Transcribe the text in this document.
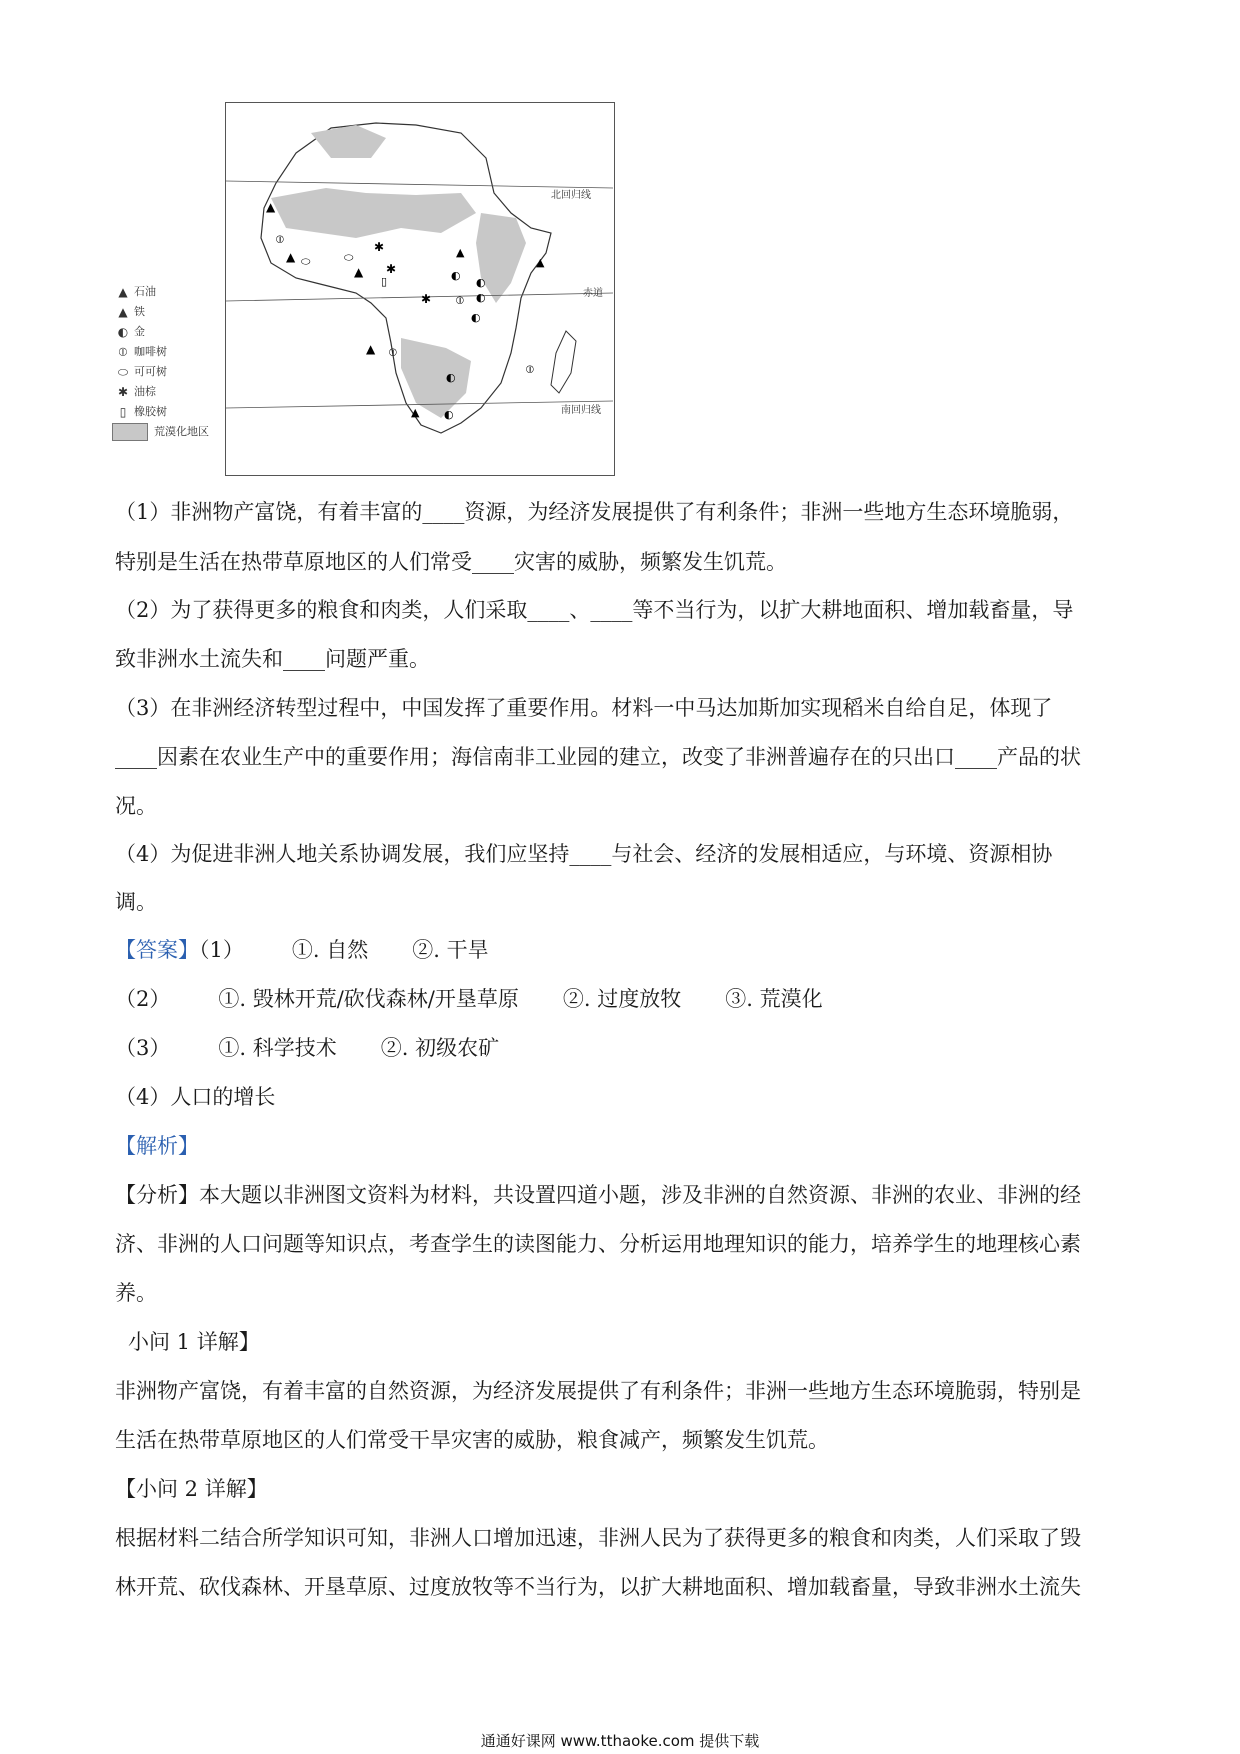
北回归线
赤道
南回归线
▲
▲
▲
▲
▲
▲
▲
◐
◐
◐
◐
◐
◐
⦶
⦶
⦶
⦶
⬭	⬭
✱
✱
✱
▯
▲ 石油
▲ 铁
◐ 金
⦶ 咖啡树
⬭ 可可树
✱ 油棕
▯ 橡胶树
荒漠化地区
（1）非洲物产富饶，有着丰富的____资源，为经济发展提供了有利条件；非洲一些地方生态环境脆弱，
特别是生活在热带草原地区的人们常受____灾害的威胁，频繁发生饥荒。
（2）为了获得更多的粮食和肉类，人们采取____、____等不当行为，以扩大耕地面积、增加载畜量，导
致非洲水土流失和____问题严重。
（3）在非洲经济转型过程中，中国发挥了重要作用。材料一中马达加斯加实现稻米自给自足，体现了
____因素在农业生产中的重要作用；海信南非工业园的建立，改变了非洲普遍存在的只出口____产品的状
况。
（4）为促进非洲人地关系协调发展，我们应坚持____与社会、经济的发展相适应，与环境、资源相协
调。
【答案】（1） ①. 自然 ②. 干旱
（2） ①. 毁林开荒/砍伐森林/开垦草原 ②. 过度放牧 ③. 荒漠化
（3） ①. 科学技术 ②. 初级农矿
（4）人口的增长
【解析】
【分析】本大题以非洲图文资料为材料，共设置四道小题，涉及非洲的自然资源、非洲的农业、非洲的经
济、非洲的人口问题等知识点，考查学生的读图能力、分析运用地理知识的能力，培养学生的地理核心素
养。
小问 1 详解】
非洲物产富饶，有着丰富的自然资源，为经济发展提供了有利条件；非洲一些地方生态环境脆弱，特别是
生活在热带草原地区的人们常受干旱灾害的威胁，粮食减产，频繁发生饥荒。
【小问 2 详解】
根据材料二结合所学知识可知，非洲人口增加迅速，非洲人民为了获得更多的粮食和肉类，人们采取了毁
林开荒、砍伐森林、开垦草原、过度放牧等不当行为，以扩大耕地面积、增加载畜量，导致非洲水土流失
通通好课网 www.tthaoke.com 提供下载
